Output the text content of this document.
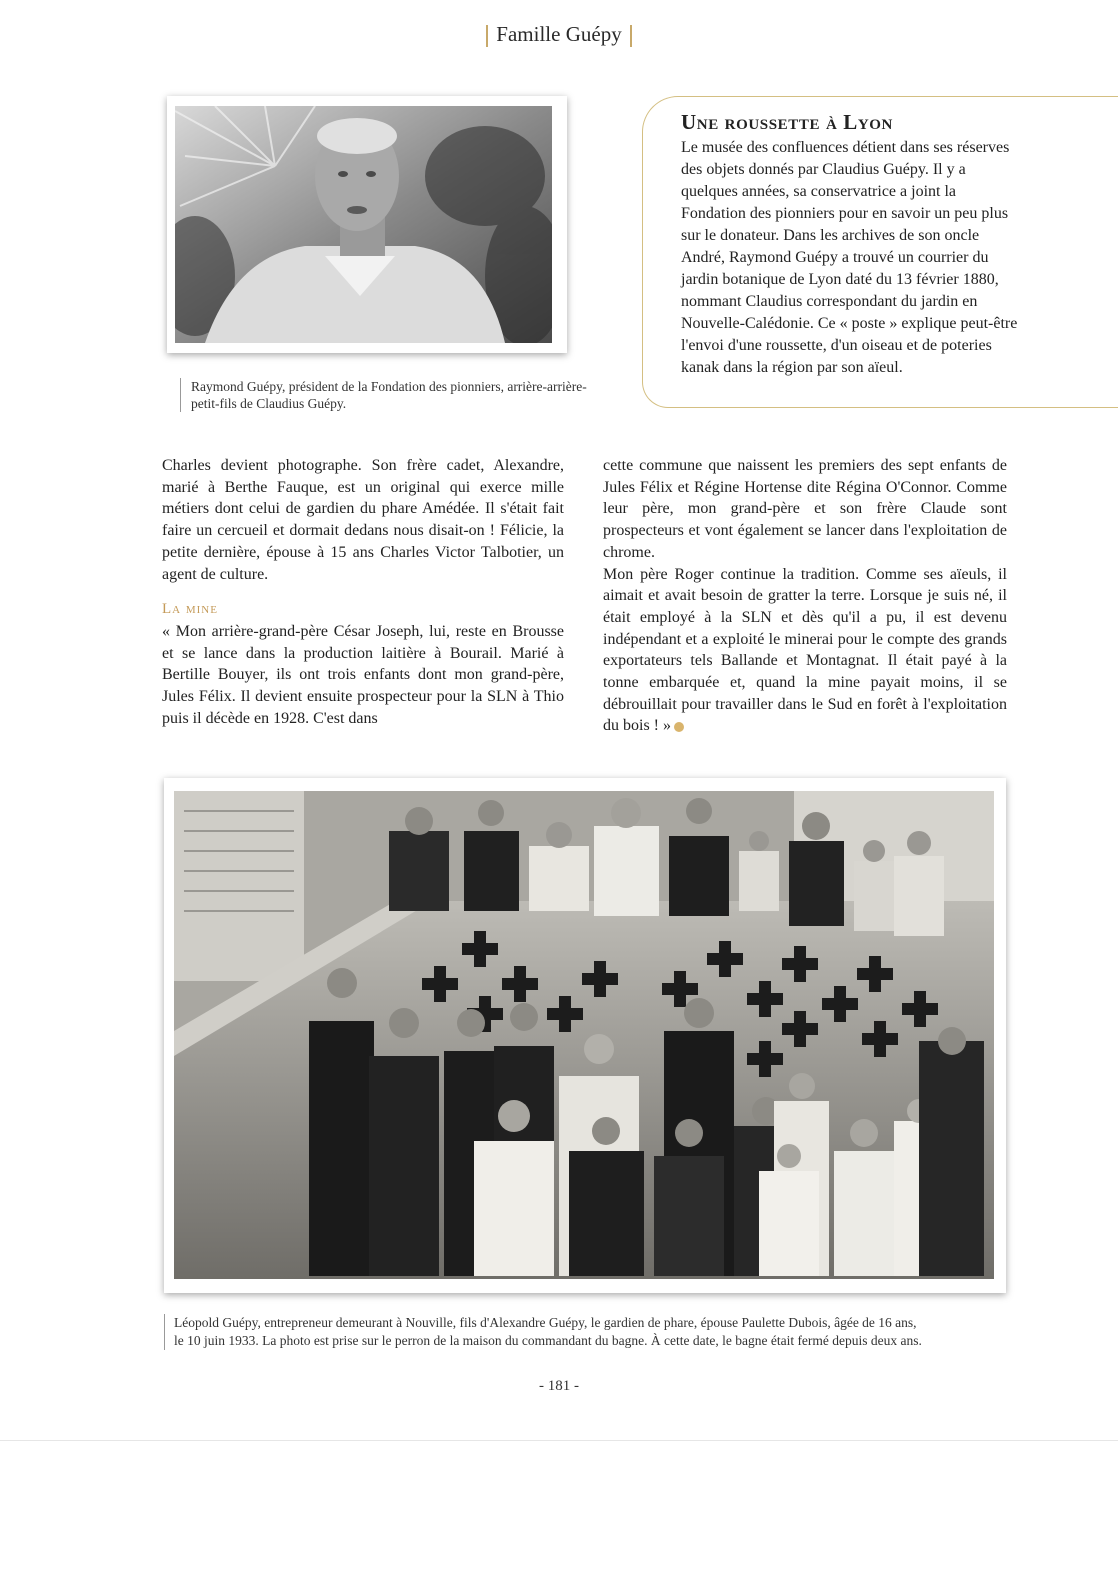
Famille Guépy
Raymond Guépy, président de la Fondation des pionniers, arrière-arrière-petit-fils de Claudius Guépy.
Une roussette à Lyon
Le musée des confluences détient dans ses réserves des objets donnés par Claudius Guépy. Il y a quelques années, sa conservatrice a joint la Fondation des pionniers pour en savoir un peu plus sur le donateur. Dans les archives de son oncle André, Raymond Guépy a trouvé un courrier du jardin botanique de Lyon daté du 13 février 1880, nommant Claudius correspondant du jardin en Nouvelle-Calédonie. Ce « poste » explique peut-être l'envoi d'une roussette, d'un oiseau et de poteries kanak dans la région par son aïeul.

Charles devient photographe. Son frère cadet, Alexandre, marié à Berthe Fauque, est un original qui exerce mille métiers dont celui de gardien du phare Amédée. Il s'était fait faire un cercueil et dormait dedans nous disait-on ! Félicie, la petite dernière, épouse à 15 ans Charles Victor Talbotier, un agent de culture.

La mine

« Mon arrière-grand-père César Joseph, lui, reste en Brousse et se lance dans la production laitière à Bourail. Marié à Bertille Bouyer, ils ont trois enfants dont mon grand-père, Jules Félix. Il devient ensuite prospecteur pour la SLN à Thio puis il décède en 1928. C'est dans

cette commune que naissent les premiers des sept enfants de Jules Félix et Régine Hortense dite Régina O'Connor. Comme leur père, mon grand-père et son frère Claude sont prospecteurs et vont également se lancer dans l'exploitation de chrome.

Mon père Roger continue la tradition. Comme ses aïeuls, il aimait et avait besoin de gratter la terre. Lorsque je suis né, il était employé à la SLN et dès qu'il a pu, il est devenu indépendant et a exploité le minerai pour le compte des grands exportateurs tels Ballande et Montagnat. Il était payé à la tonne embarquée et, quand la mine payait moins, il se débrouillait pour travailler dans le Sud en forêt à l'exploitation du bois ! »

Léopold Guépy, entrepreneur demeurant à Nouville, fils d'Alexandre Guépy, le gardien de phare, épouse Paulette Dubois, âgée de 16 ans,
le 10 juin 1933. La photo est prise sur le perron de la maison du commandant du bagne. À cette date, le bagne était fermé depuis deux ans.
- 181 -
